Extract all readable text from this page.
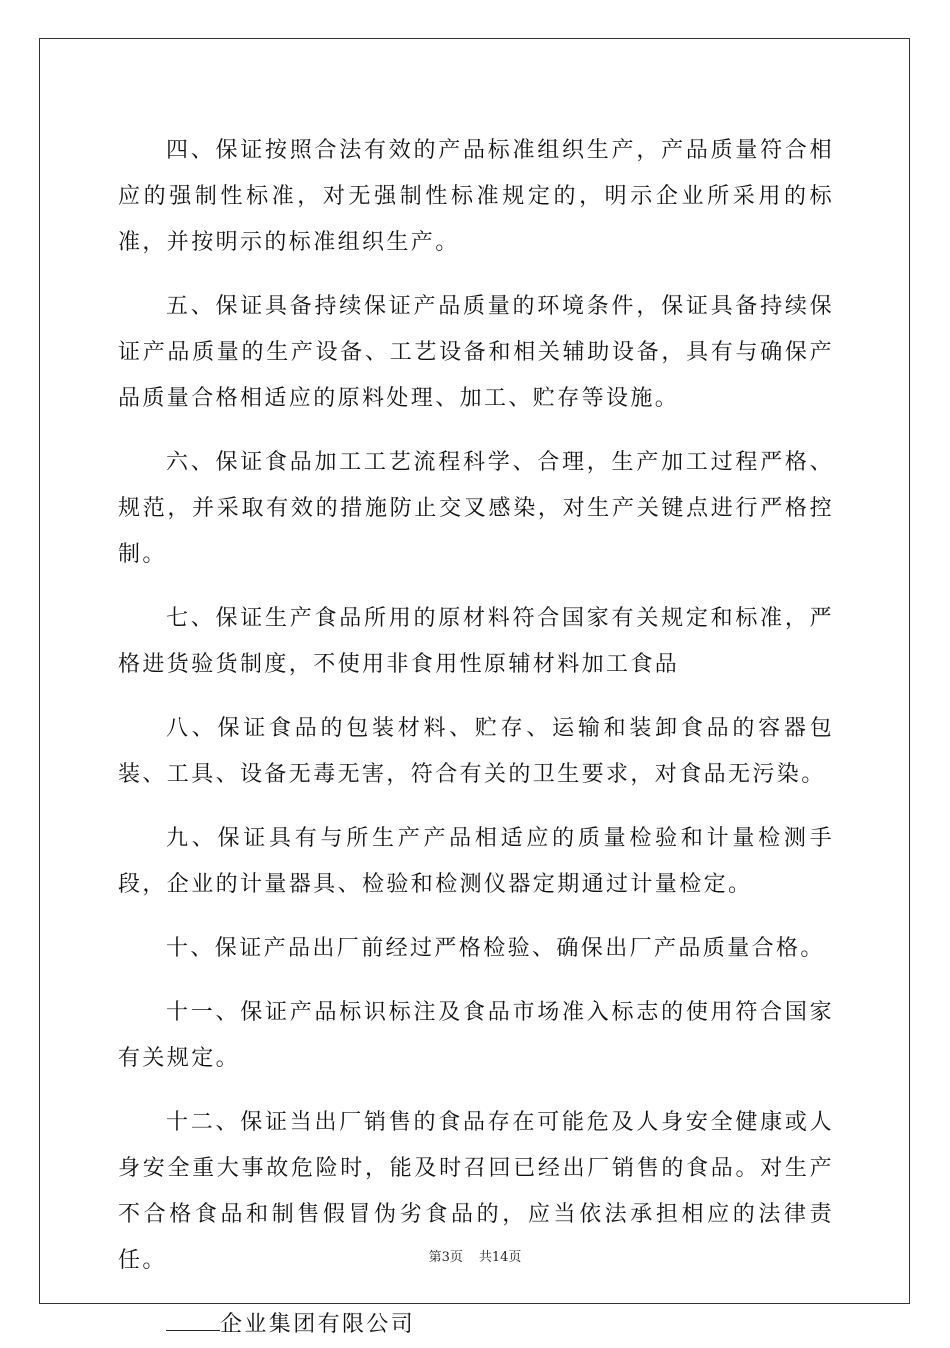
四、保证按照合法有效的产品标准组织生产，产品质量符合相应的强制性标准，对无强制性标准规定的，明示企业所采用的标准，并按明示的标准组织生产。

五、保证具备持续保证产品质量的环境条件，保证具备持续保证产品质量的生产设备、工艺设备和相关辅助设备，具有与确保产品质量合格相适应的原料处理、加工、贮存等设施。

六、保证食品加工工艺流程科学、合理，生产加工过程严格、规范，并采取有效的措施防止交叉感染，对生产关键点进行严格控制。

七、保证生产食品所用的原材料符合国家有关规定和标准，严格进货验货制度，不使用非食用性原辅材料加工食品

八、保证食品的包装材料、贮存、运输和装卸食品的容器包装、工具、设备无毒无害，符合有关的卫生要求，对食品无污染。

九、保证具有与所生产产品相适应的质量检验和计量检测手段，企业的计量器具、检验和检测仪器定期通过计量检定。

十、保证产品出厂前经过严格检验、确保出厂产品质量合格。

十一、保证产品标识标注及食品市场准入标志的使用符合国家有关规定。

十二、保证当出厂销售的食品存在可能危及人身安全健康或人身安全重大事故危险时，能及时召回已经出厂销售的食品。对生产不合格食品和制售假冒伪劣食品的，应当依法承担相应的法律责任。

企业集团有限公司

第3页 共14页
